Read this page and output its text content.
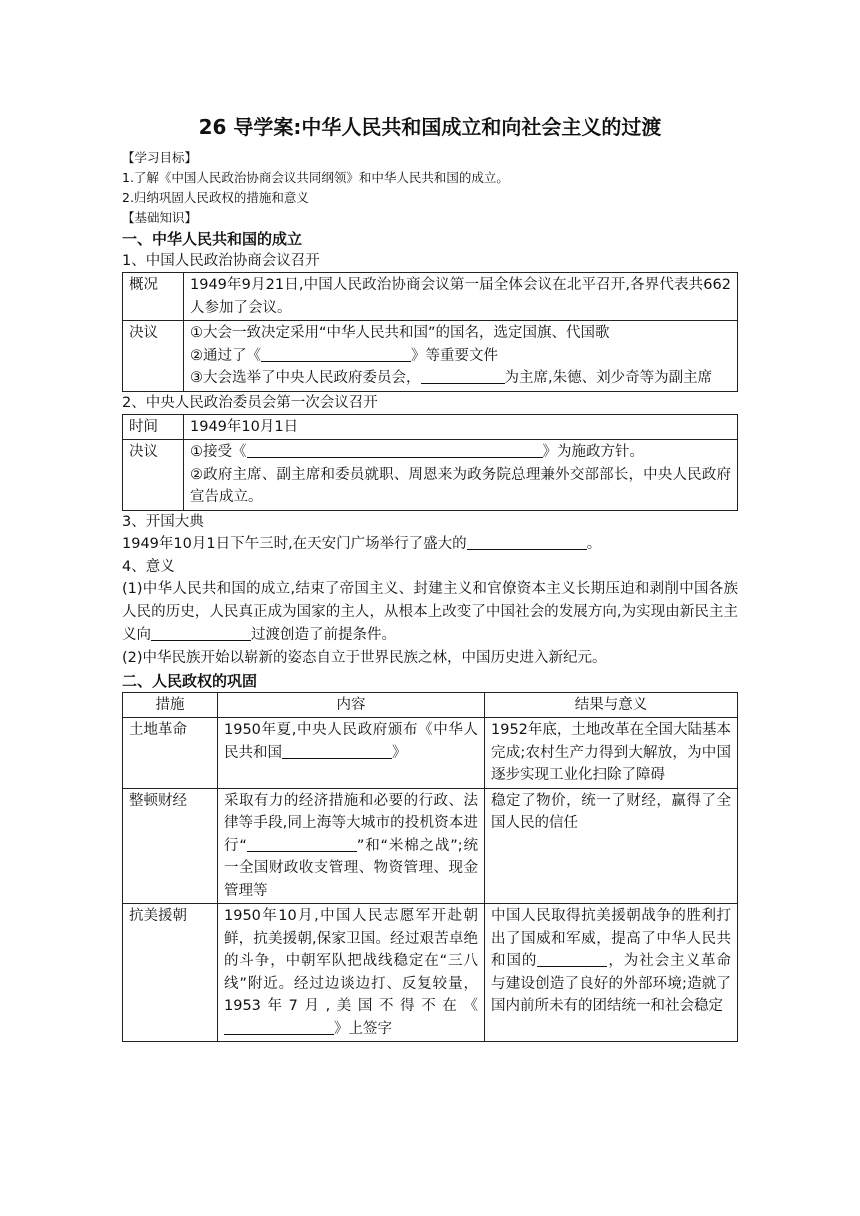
26 导学案:中华人民共和国成立和向社会主义的过渡
【学习目标】
1.了解《中国人民政治协商会议共同纲领》和中华人民共和国的成立。
2.归纳巩固人民政权的措施和意义
【基础知识】
一、中华人民共和国的成立
1、中国人民政治协商会议召开
概况	1949年9月21日,中国人民政治协商会议第一届全体会议在北平召开,各界代表共662人参加了会议。
决议	①大会一致决定采用“中华人民共和国”的国名，选定国旗、代国歌
②通过了《 》等重要文件
③大会选举了中央人民政府委员会， 为主席,朱德、刘少奇等为副主席
2、中央人民政治委员会第一次会议召开
时间	1949年10月1日
决议	①接受《 》为施政方针。
②政府主席、副主席和委员就职、周恩来为政务院总理兼外交部部长，中央人民政府宣告成立。
3、开国大典
1949年10月1日下午三时,在天安门广场举行了盛大的	。
4、意义
(1)中华人民共和国的成立,结束了帝国主义、封建主义和官僚资本主义长期压迫和剥削中国各族人民的历史，人民真正成为国家的主人，从根本上改变了中国社会的发展方向,为实现由新民主主义向	过渡创造了前提条件。
(2)中华民族开始以崭新的姿态自立于世界民族之林，中国历史进入新纪元。
二、人民政权的巩固
措施	内容	结果与意义
土地革命	1950年夏,中央人民政府颁布《中华人民共和国 》	1952年底，土地改革在全国大陆基本完成;农村生产力得到大解放，为中国逐步实现工业化扫除了障碍
整顿财经	采取有力的经济措施和必要的行政、法律等手段,同上海等大城市的投机资本进行“ ”和“米棉之战”;统一全国财政收支管理、物资管理、现金管理等	稳定了物价，统一了财经，赢得了全国人民的信任
抗美援朝	1950年10月,中国人民志愿军开赴朝鲜，抗美援朝,保家卫国。经过艰苦卓绝的斗争，中朝军队把战线稳定在“三八线”附近。经过边谈边打、反复较量，1953年7月,美国不得不在《》上签字	中国人民取得抗美援朝战争的胜利打出了国威和军威，提高了中华人民共和国的 ，为社会主义革命与建设创造了良好的外部环境;造就了国内前所未有的团结统一和社会稳定
